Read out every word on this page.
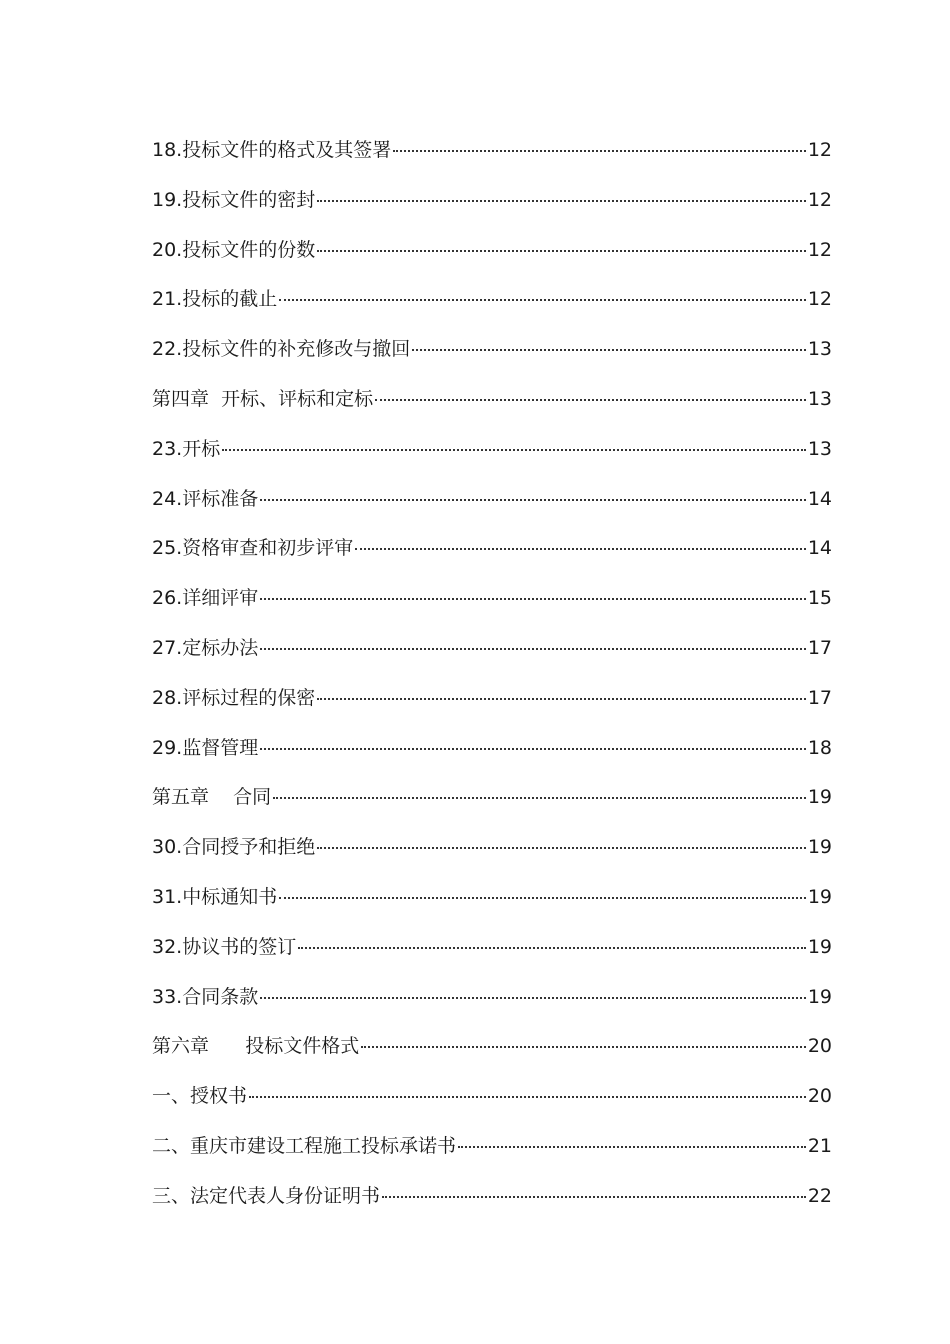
18.投标文件的格式及其签署	12
19.投标文件的密封	12
20.投标文件的份数	12
21.投标的截止	12
22.投标文件的补充修改与撤回	13
第四章  开标、评标和定标	13
23.开标	13
24.评标准备	14
25.资格审查和初步评审	14
26.详细评审	15
27.定标办法	17
28.评标过程的保密	17
29.监督管理	18
第五章    合同	19
30.合同授予和拒绝	19
31.中标通知书	19
32.协议书的签订	19
33.合同条款	19
第六章      投标文件格式	20
一、授权书	20
二、重庆市建设工程施工投标承诺书	21
三、法定代表人身份证明书	22
